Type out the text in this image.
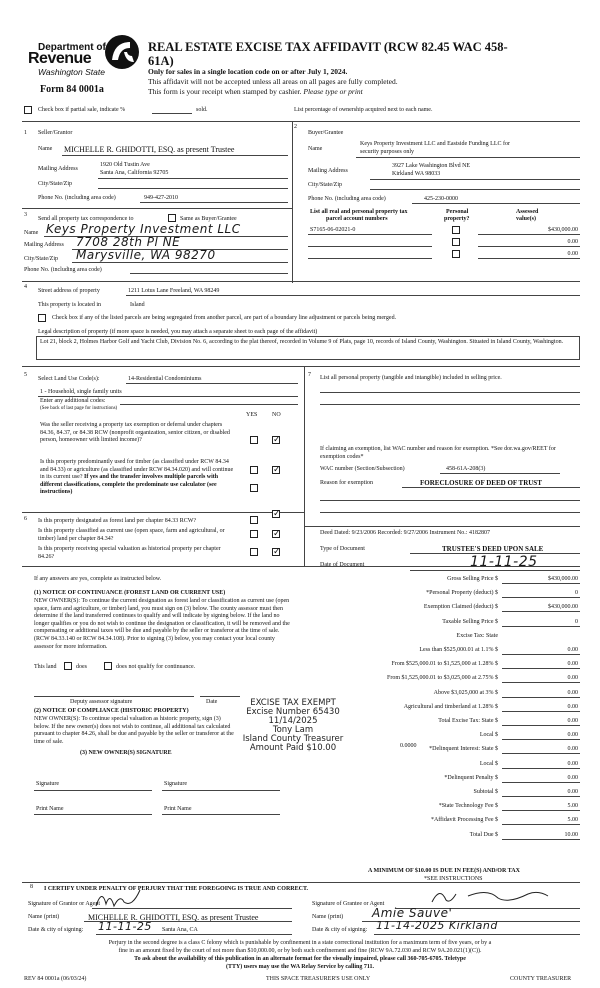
Department of
Revenue
Washington State
Form 84 0001a
REAL ESTATE EXCISE TAX AFFIDAVIT (RCW 82.45 WAC 458-61A)
Only for sales in a single location code on or after July 1, 2024.
This affidavit will not be accepted unless all areas on all pages are fully completed.
This form is your receipt when stamped by cashier. Please type or print
Check box if partial sale, indicate %	sold.	List percentage of ownership acquired next to each name.
1 Seller/Grantor
Name MICHELLE R. GHIDOTTI, ESQ. as present Trustee
Mailing Address
1920 Old Tustin Ave
Santa Ana, California 92705
City/State/Zip
Phone No. (including area code)	949-427-2010
2
Buyer/Grantee
Name
Keys Property Investment LLC and Eastside Funding LLC for
security purposes only
Mailing Address
3927 Lake Washington Blvd NE
Kirkland WA 98033
City/State/Zip
Phone No. (including area code)	425-230-0000
3
Send all property tax correspondence to	Same as Buyer/Grantee
Name Keys Property Investment LLC
Mailing Address 7708 28th Pl NE
City/State/Zip Marysville, WA 98270
Phone No. (including area code)
List all real and personal property tax
parcel account numbers
Personal
property?
Assessed
value(s)
S7165-06-02021-0	$430,000.00
0.00
0.00
4
Street address of property	1211 Lotus Lane Freeland, WA 98249
This property is located in	Island
Check box if any of the listed parcels are being segregated from another parcel, are part of a boundary line adjustment or parcels being merged.
Legal description of property (if more space is needed, you may attach a separate sheet to each page of the affidavit)
Lot 21, block 2, Holmes Harbor Golf and Yacht Club, Division No. 6, according to the plat thereof, recorded in Volume 9 of Plats, page 10, records of Island County, Washington. Situated in Island County, Washington.
5
Select Land Use Code(s):	14-Residential Condominiums
1 - Household, single family units
Enter any additional codes:
(See back of last page for instructions)
YES NO
Was the seller receiving a property tax exemption or deferral under chapters 84.36, 84.37, or 84.38 RCW (nonprofit organization, senior citizen, or disabled person, homeowner with limited income)?	✓
Is this property predominantly used for timber (as classified under RCW 84.34 and 84.33) or agriculture (as classified under RCW 84.34.020) and will continue in its current use? If yes and the transfer involves multiple parcels with different classifications, complete the predominate use calculator (see instructions)
✓
6 Is this property designated as forest land per chapter 84.33 RCW?
✓
Is this property classified as current use (open space, farm and agricultural, or timber) land per chapter 84.34?	✓
Is this property receiving special valuation as historical property per chapter 84.26?	✓
If any answers are yes, complete as instructed below.
(1) NOTICE OF CONTINUANCE (FOREST LAND OR CURRENT USE)
NEW OWNER(S): To continue the current designation as forest land or classification as current use (open space, farm and agriculture, or timber) land, you must sign on (3) below. The county assessor must then determine if the land transferred continues to qualify and will indicate by signing below. If the land no longer qualifies or you do not wish to continue the designation or classification, it will be removed and the compensating or additional taxes will be due and payable by the seller or transferor at the time of sale. (RCW 84.33.140 or RCW 84.34.108). Prior to signing (3) below, you may contact your local county assessor for more information.
This land	does	does not qualify for continuance.
Deputy assessor signature	Date
(2) NOTICE OF COMPLIANCE (HISTORIC PROPERTY)
NEW OWNER(S): To continue special valuation as historic property, sign (3) below. If the new owner(s) does not wish to continue, all additional tax calculated pursuant to chapter 84.26, shall be due and payable by the seller or transferor at the time of sale.
(3) NEW OWNER(S) SIGNATURE
Signature	Signature
Print Name	Print Name
EXCISE TAX EXEMPT
Excise Number 65430
11/14/2025
Tony Lam
Island County Treasurer
Amount Paid $10.00
7 List all personal property (tangible and intangible) included in selling price.
If claiming an exemption, list WAC number and reason for exemption. *See dor.wa.gov/REET for exemption codes*
WAC number (Section/Subsection)	458-61A-208(3)
Reason for exemption	FORECLOSURE OF DEED OF TRUST
Deed Dated: 9/23/2006 Recorded: 9/27/2006 Instrument No.: 4182807
Type of Document	TRUSTEE'S DEED UPON SALE
Date of Document	11-11-25
Gross Selling Price $	$430,000.00
*Personal Property (deduct) $	0
Exemption Claimed (deduct) $	$430,000.00
Taxable Selling Price $	0
Excise Tax: State
Less than $525,000.01 at 1.1% $	0.00
From $525,000.01 to $1,525,000 at 1.28% $	0.00
From $1,525,000.01 to $3,025,000 at 2.75% $	0.00
Above $3,025,000 at 3% $	0.00
Agricultural and timberland at 1.28% $	0.00
Total Excise Tax: State $	0.00
Local $	0.00
*Delinquent Interest: State $	0.00
Local $	0.00
*Delinquent Penalty $	0.00
Subtotal $	0.00
*State Technology Fee $	5.00
*Affidavit Processing Fee $	5.00
Total Due $	10.00
0.0000
A MINIMUM OF $10.00 IS DUE IN FEE(S) AND/OR TAX
*SEE INSTRUCTIONS
8 I CERTIFY UNDER PENALTY OF PERJURY THAT THE FOREGOING IS TRUE AND CORRECT.
Signature of Grantor or Agent
Name (print)	MICHELLE R. GHIDOTTI, ESQ. as present Trustee
Date & city of signing: 11-11-25 Santa Ana, CA
Signature of Grantee or Agent
Name (print) Amie Sauve'
Date & city of signing: 11-14-2025 Kirkland
Perjury in the second degree is a class C felony which is punishable by confinement in a state correctional institution for a maximum term of five years, or by a
fine in an amount fixed by the court of not more than $10,000.00, or by both such confinement and fine (RCW 9A.72.030 and RCW 9A.20.021(1)(C)).
To ask about the availability of this publication in an alternate format for the visually impaired, please call 360-705-6705. Teletype
(TTY) users may use the WA Relay Service by calling 711.
REV 84 0001a (06/03/24)	THIS SPACE TREASURER'S USE ONLY	COUNTY TREASURER
